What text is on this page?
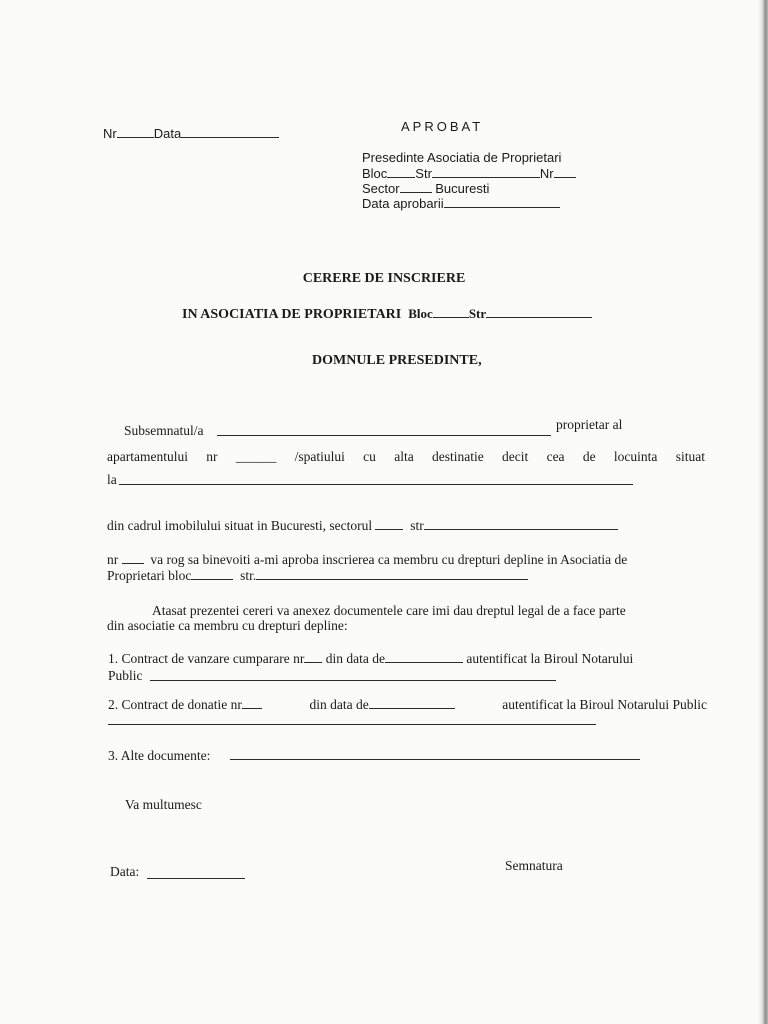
Nr	Data	APROBAT
Presedinte Asociatia de Proprietari
Bloc Str	Nr
Sector	Bucuresti
Data aprobarii
CERERE DE INSCRIERE
IN ASOCIATIA DE PROPRIETARI Bloc	Str
DOMNULE PRESEDINTE,
Subsemnatul/a	proprietar al
apartamentului nr ______ /spatiului cu alta destinatie decit cea de locuinta situat
la
din cadrul imobilului situat in Bucuresti, sectorul	str
nr va rog sa binevoiti a-mi aproba inscrierea ca membru cu drepturi depline in Asociatia de
Proprietari bloc	str.
Atasat prezentei cereri va anexez documentele care imi dau dreptul legal de a face parte
din asociatie ca membru cu drepturi depline:
1. Contract de vanzare cumparare nr din data de	autentificat la Biroul Notarului
Public
2. Contract de donatie nr	din data de	autentificat la Biroul Notarului Public
3. Alte documente:
Va multumesc
Data:	Semnatura
